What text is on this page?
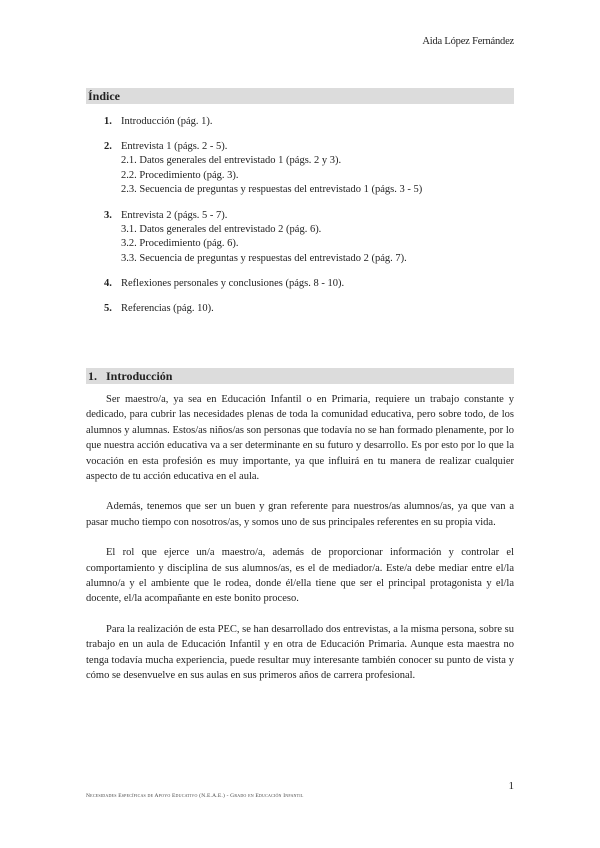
Aida López Fernández
Índice
1. Introducción (pág. 1).
2. Entrevista 1 (págs. 2 - 5).
2.1. Datos generales del entrevistado 1 (págs. 2 y 3).
2.2. Procedimiento (pág. 3).
2.3. Secuencia de preguntas y respuestas del entrevistado 1 (págs. 3 - 5)
3. Entrevista 2 (págs. 5 - 7).
3.1. Datos generales del entrevistado 2 (pág. 6).
3.2. Procedimiento (pág. 6).
3.3. Secuencia de preguntas y respuestas del entrevistado 2 (pág. 7).
4. Reflexiones personales y conclusiones (págs. 8 - 10).
5. Referencias (pág. 10).
1.   Introducción

Ser maestro/a, ya sea en Educación Infantil o en Primaria, requiere un trabajo constante y dedicado, para cubrir las necesidades plenas de toda la comunidad educativa, pero sobre todo, de los alumnos y alumnas. Estos/as niños/as son personas que todavía no se han formado plenamente, por lo que nuestra acción educativa va a ser determinante en su futuro y desarrollo. Es por esto por lo que la vocación en esta profesión es muy importante, ya que influirá en tu manera de realizar cualquier aspecto de tu acción educativa en el aula.

Además, tenemos que ser un buen y gran referente para nuestros/as alumnos/as, ya que van a pasar mucho tiempo con nosotros/as, y somos uno de sus principales referentes en su propia vida.

El rol que ejerce un/a maestro/a, además de proporcionar información y controlar el comportamiento y disciplina de sus alumnos/as, es el de mediador/a. Este/a debe mediar entre el/la alumno/a y el ambiente que le rodea, donde él/ella tiene que ser el principal protagonista y el/la docente, el/la acompañante en este bonito proceso.

Para la realización de esta PEC, se han desarrollado dos entrevistas, a la misma persona, sobre su trabajo en un aula de Educación Infantil y en otra de Educación Primaria. Aunque esta maestra no tenga todavía mucha experiencia, puede resultar muy interesante también conocer su punto de vista y cómo se desenvuelve en sus aulas en sus primeros años de carrera profesional.

1
Necesidades Específicas de Apoyo Educativo (N.E.A.E.) - Grado en Educación Infantil
